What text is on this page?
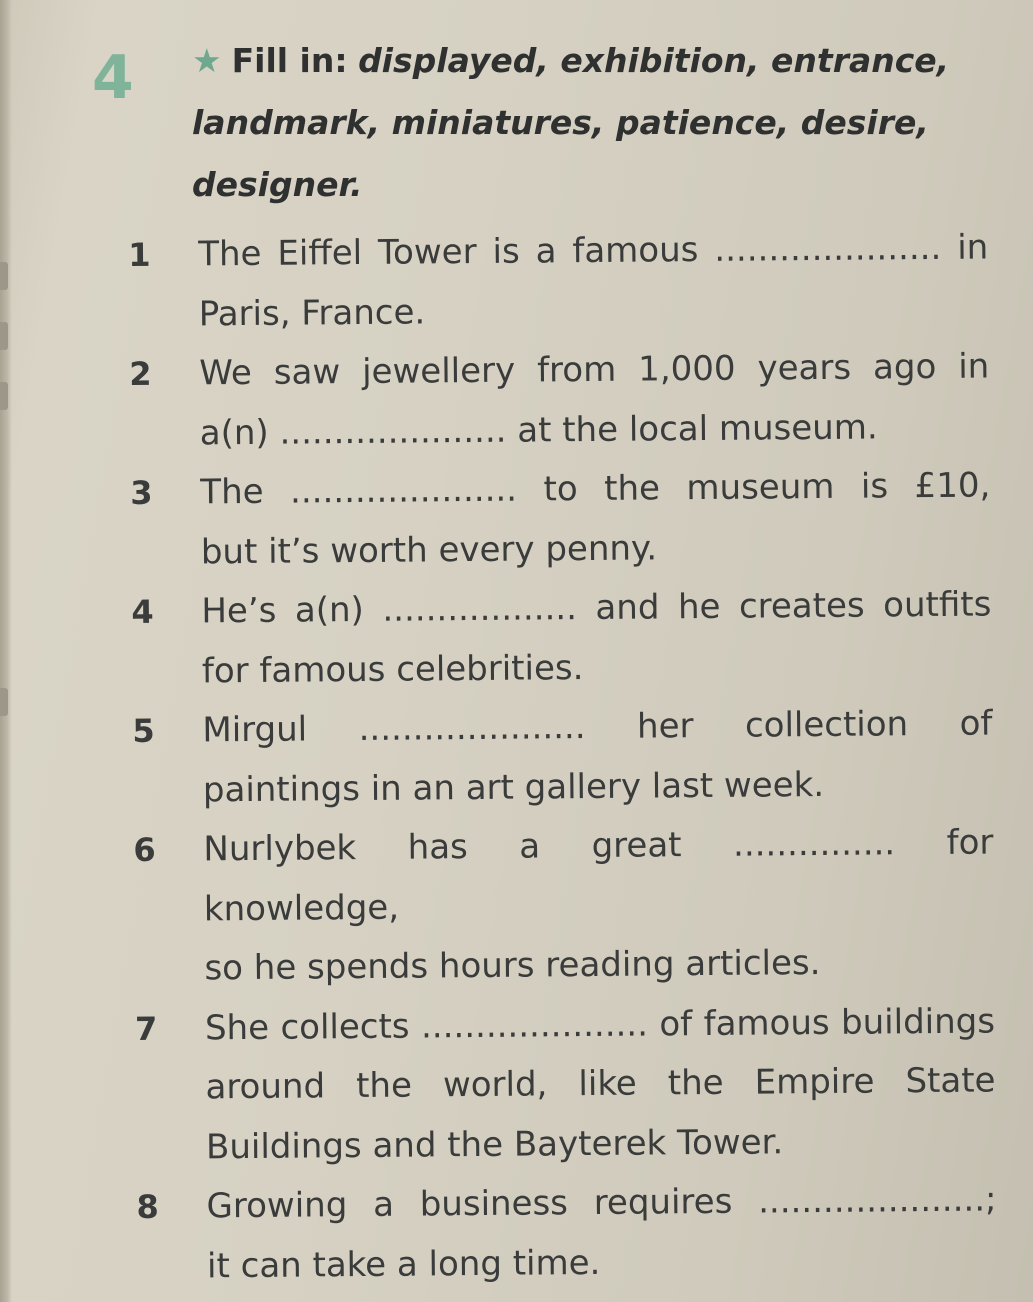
4 ★ Fill in: displayed, exhibition, entrance, landmark, miniatures, patience, desire, designer.
1 The Eiffel Tower is a famous ..................... in
Paris, France.
2 We saw jewellery from 1,000 years ago in
a(n) ..................... at the local museum.
3 The ..................... to the museum is £10,
but it’s worth every penny.
4 He’s a(n) .................. and he creates outfits
for famous celebrities.
5 Mirgul ..................... her collection of
paintings in an art gallery last week.
6 Nurlybek has a great ............... for knowledge,
so he spends hours reading articles.
7 She collects ..................... of famous buildings
around the world, like the Empire State
Buildings and the Bayterek Tower.
8 Growing a business requires .....................;
it can take a long time.
